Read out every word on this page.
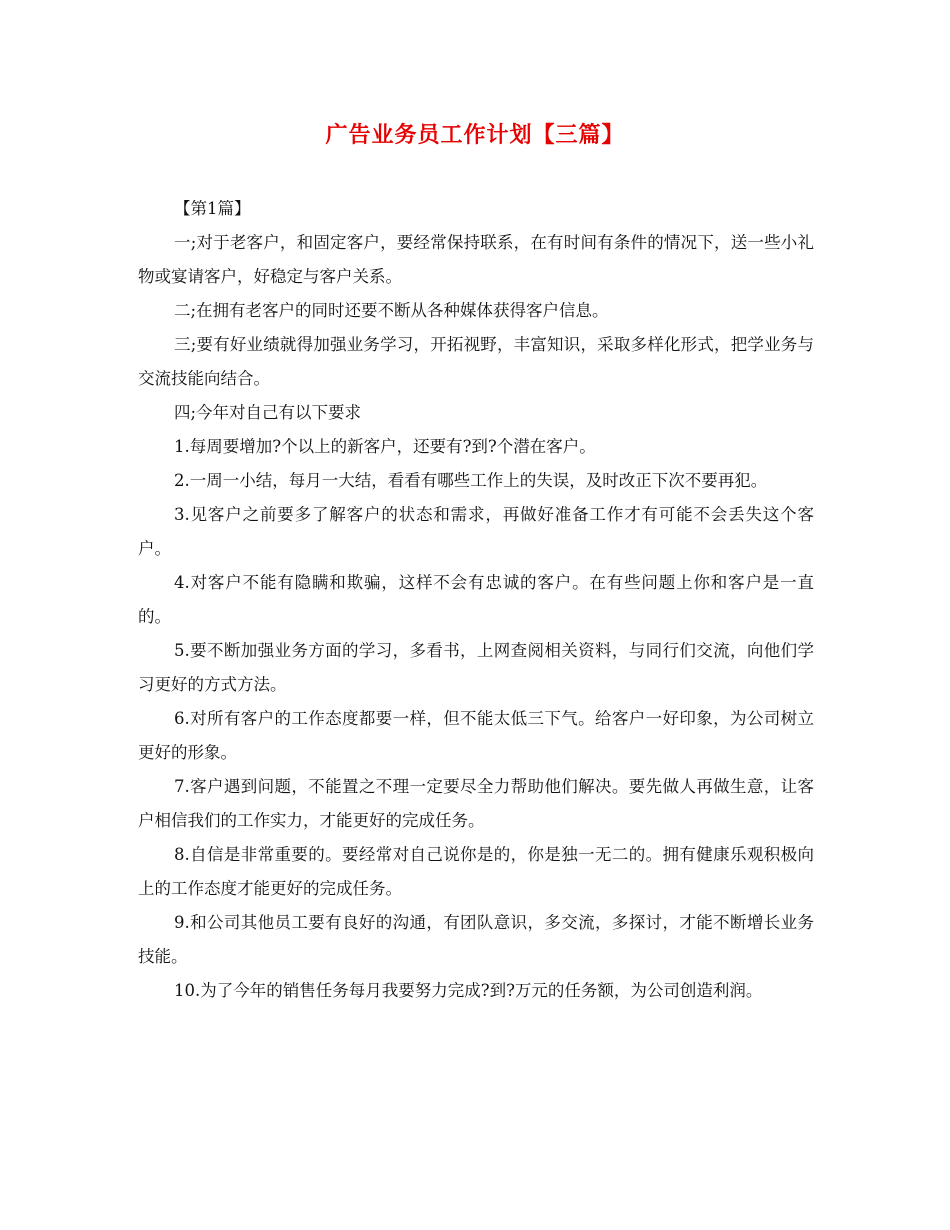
广告业务员工作计划【三篇】

【第1篇】

一;对于老客户，和固定客户，要经常保持联系，在有时间有条件的情况下，送一些小礼物或宴请客户，好稳定与客户关系。

二;在拥有老客户的同时还要不断从各种媒体获得客户信息。

三;要有好业绩就得加强业务学习，开拓视野，丰富知识，采取多样化形式，把学业务与交流技能向结合。

四;今年对自己有以下要求

1.每周要增加?个以上的新客户，还要有?到?个潜在客户。

2.一周一小结，每月一大结，看看有哪些工作上的失误，及时改正下次不要再犯。

3.见客户之前要多了解客户的状态和需求，再做好准备工作才有可能不会丢失这个客户。

4.对客户不能有隐瞒和欺骗，这样不会有忠诚的客户。在有些问题上你和客户是一直的。

5.要不断加强业务方面的学习，多看书，上网查阅相关资料，与同行们交流，向他们学习更好的方式方法。

6.对所有客户的工作态度都要一样，但不能太低三下气。给客户一好印象，为公司树立更好的形象。

7.客户遇到问题，不能置之不理一定要尽全力帮助他们解决。要先做人再做生意，让客户相信我们的工作实力，才能更好的完成任务。

8.自信是非常重要的。要经常对自己说你是的，你是独一无二的。拥有健康乐观积极向上的工作态度才能更好的完成任务。

9.和公司其他员工要有良好的沟通，有团队意识，多交流，多探讨，才能不断增长业务技能。

10.为了今年的销售任务每月我要努力完成?到?万元的任务额，为公司创造利润。
